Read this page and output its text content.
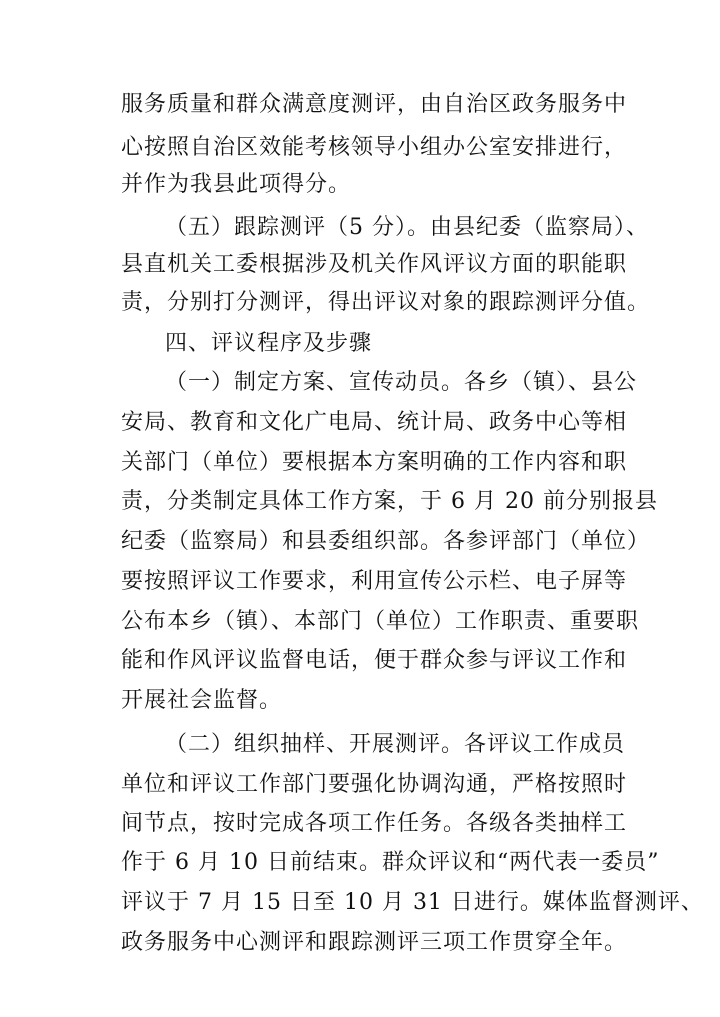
服务质量和群众满意度测评，由自治区政务服务中
心按照自治区效能考核领导小组办公室安排进行，
并作为我县此项得分。
（五）跟踪测评（5 分）。由县纪委（监察局）、
县直机关工委根据涉及机关作风评议方面的职能职
责，分别打分测评，得出评议对象的跟踪测评分值。
四、评议程序及步骤
（一）制定方案、宣传动员。各乡（镇）、县公
安局、教育和文化广电局、统计局、政务中心等相
关部门（单位）要根据本方案明确的工作内容和职
责，分类制定具体工作方案，于 6 月 20 前分别报县
纪委（监察局）和县委组织部。各参评部门（单位）
要按照评议工作要求，利用宣传公示栏、电子屏等
公布本乡（镇）、本部门（单位）工作职责、重要职
能和作风评议监督电话，便于群众参与评议工作和
开展社会监督。
（二）组织抽样、开展测评。各评议工作成员
单位和评议工作部门要强化协调沟通，严格按照时
间节点，按时完成各项工作任务。各级各类抽样工
作于 6 月 10 日前结束。群众评议和“两代表一委员”
评议于 7 月 15 日至 10 月 31 日进行。媒体监督测评、
政务服务中心测评和跟踪测评三项工作贯穿全年。
